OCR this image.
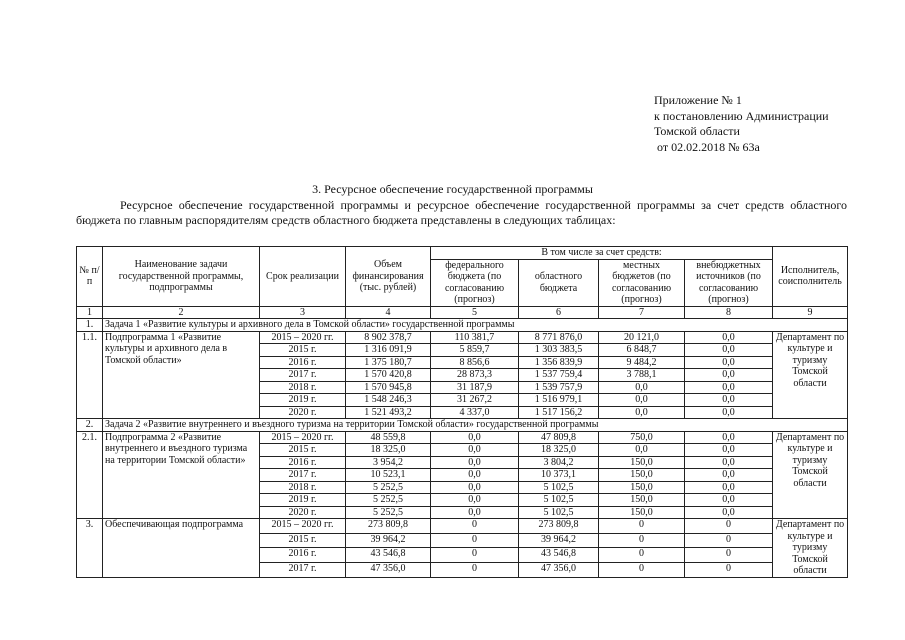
Приложение № 1
к постановлению Администрации
Томской области
от 02.02.2018 № 63а
3. Ресурсное обеспечение государственной программы
Ресурсное обеспечение государственной программы и ресурсное обеспечение государственной программы за счет средств областного бюджета по главным распорядителям средств областного бюджета представлены в следующих таблицах:
№ п/п	Наименование задачи государственной программы, подпрограммы	Срок реализации	Объем финансирования (тыс. рублей)	В том числе за счет средств:				Исполнитель, соисполнитель
				федерального бюджета (по согласованию (прогноз)	областного бюджета	местных бюджетов (по согласованию (прогноз)	внебюджетных источников (по согласованию (прогноз)	
1	2	3	4	5	6	7	8	9
1.	Задача 1 «Развитие культуры и архивного дела в Томской области» государственной программы							
1.1.	Подпрограмма 1 «Развитие культуры и архивного дела в Томской области»	2015 – 2020 гг.	8 902 378,7	110 381,7	8 771 876,0	20 121,0	0,0	Департамент по культуре и туризму Томской области
		2015 г.	1 316 091,9	5 859,7	1 303 383,5	6 848,7	0,0	
		2016 г.	1 375 180,7	8 856,6	1 356 839,9	9 484,2	0,0	
		2017 г.	1 570 420,8	28 873,3	1 537 759,4	3 788,1	0,0	
		2018 г.	1 570 945,8	31 187,9	1 539 757,9	0,0	0,0	
		2019 г.	1 548 246,3	31 267,2	1 516 979,1	0,0	0,0	
		2020 г.	1 521 493,2	4 337,0	1 517 156,2	0,0	0,0	
2.	Задача 2 «Развитие внутреннего и въездного туризма на территории Томской области» государственной программы							
2.1.	Подпрограмма 2 «Развитие внутреннего и въездного туризма на территории Томской области»	2015 – 2020 гг.	48 559,8	0,0	47 809,8	750,0	0,0	Департамент по культуре и туризму Томской области
		2015 г.	18 325,0	0,0	18 325,0	0,0	0,0	
		2016 г.	3 954,2	0,0	3 804,2	150,0	0,0	
		2017 г.	10 523,1	0,0	10 373,1	150,0	0,0	
		2018 г.	5 252,5	0,0	5 102,5	150,0	0,0	
		2019 г.	5 252,5	0,0	5 102,5	150,0	0,0	
		2020 г.	5 252,5	0,0	5 102,5	150,0	0,0	
3.	Обеспечивающая подпрограмма	2015 – 2020 гг.	273 809,8	0	273 809,8	0	0	Департамент по культуре и туризму Томской области
		2015 г.	39 964,2	0	39 964,2	0	0	
		2016 г.	43 546,8	0	43 546,8	0	0	
		2017 г.	47 356,0	0	47 356,0	0	0	
